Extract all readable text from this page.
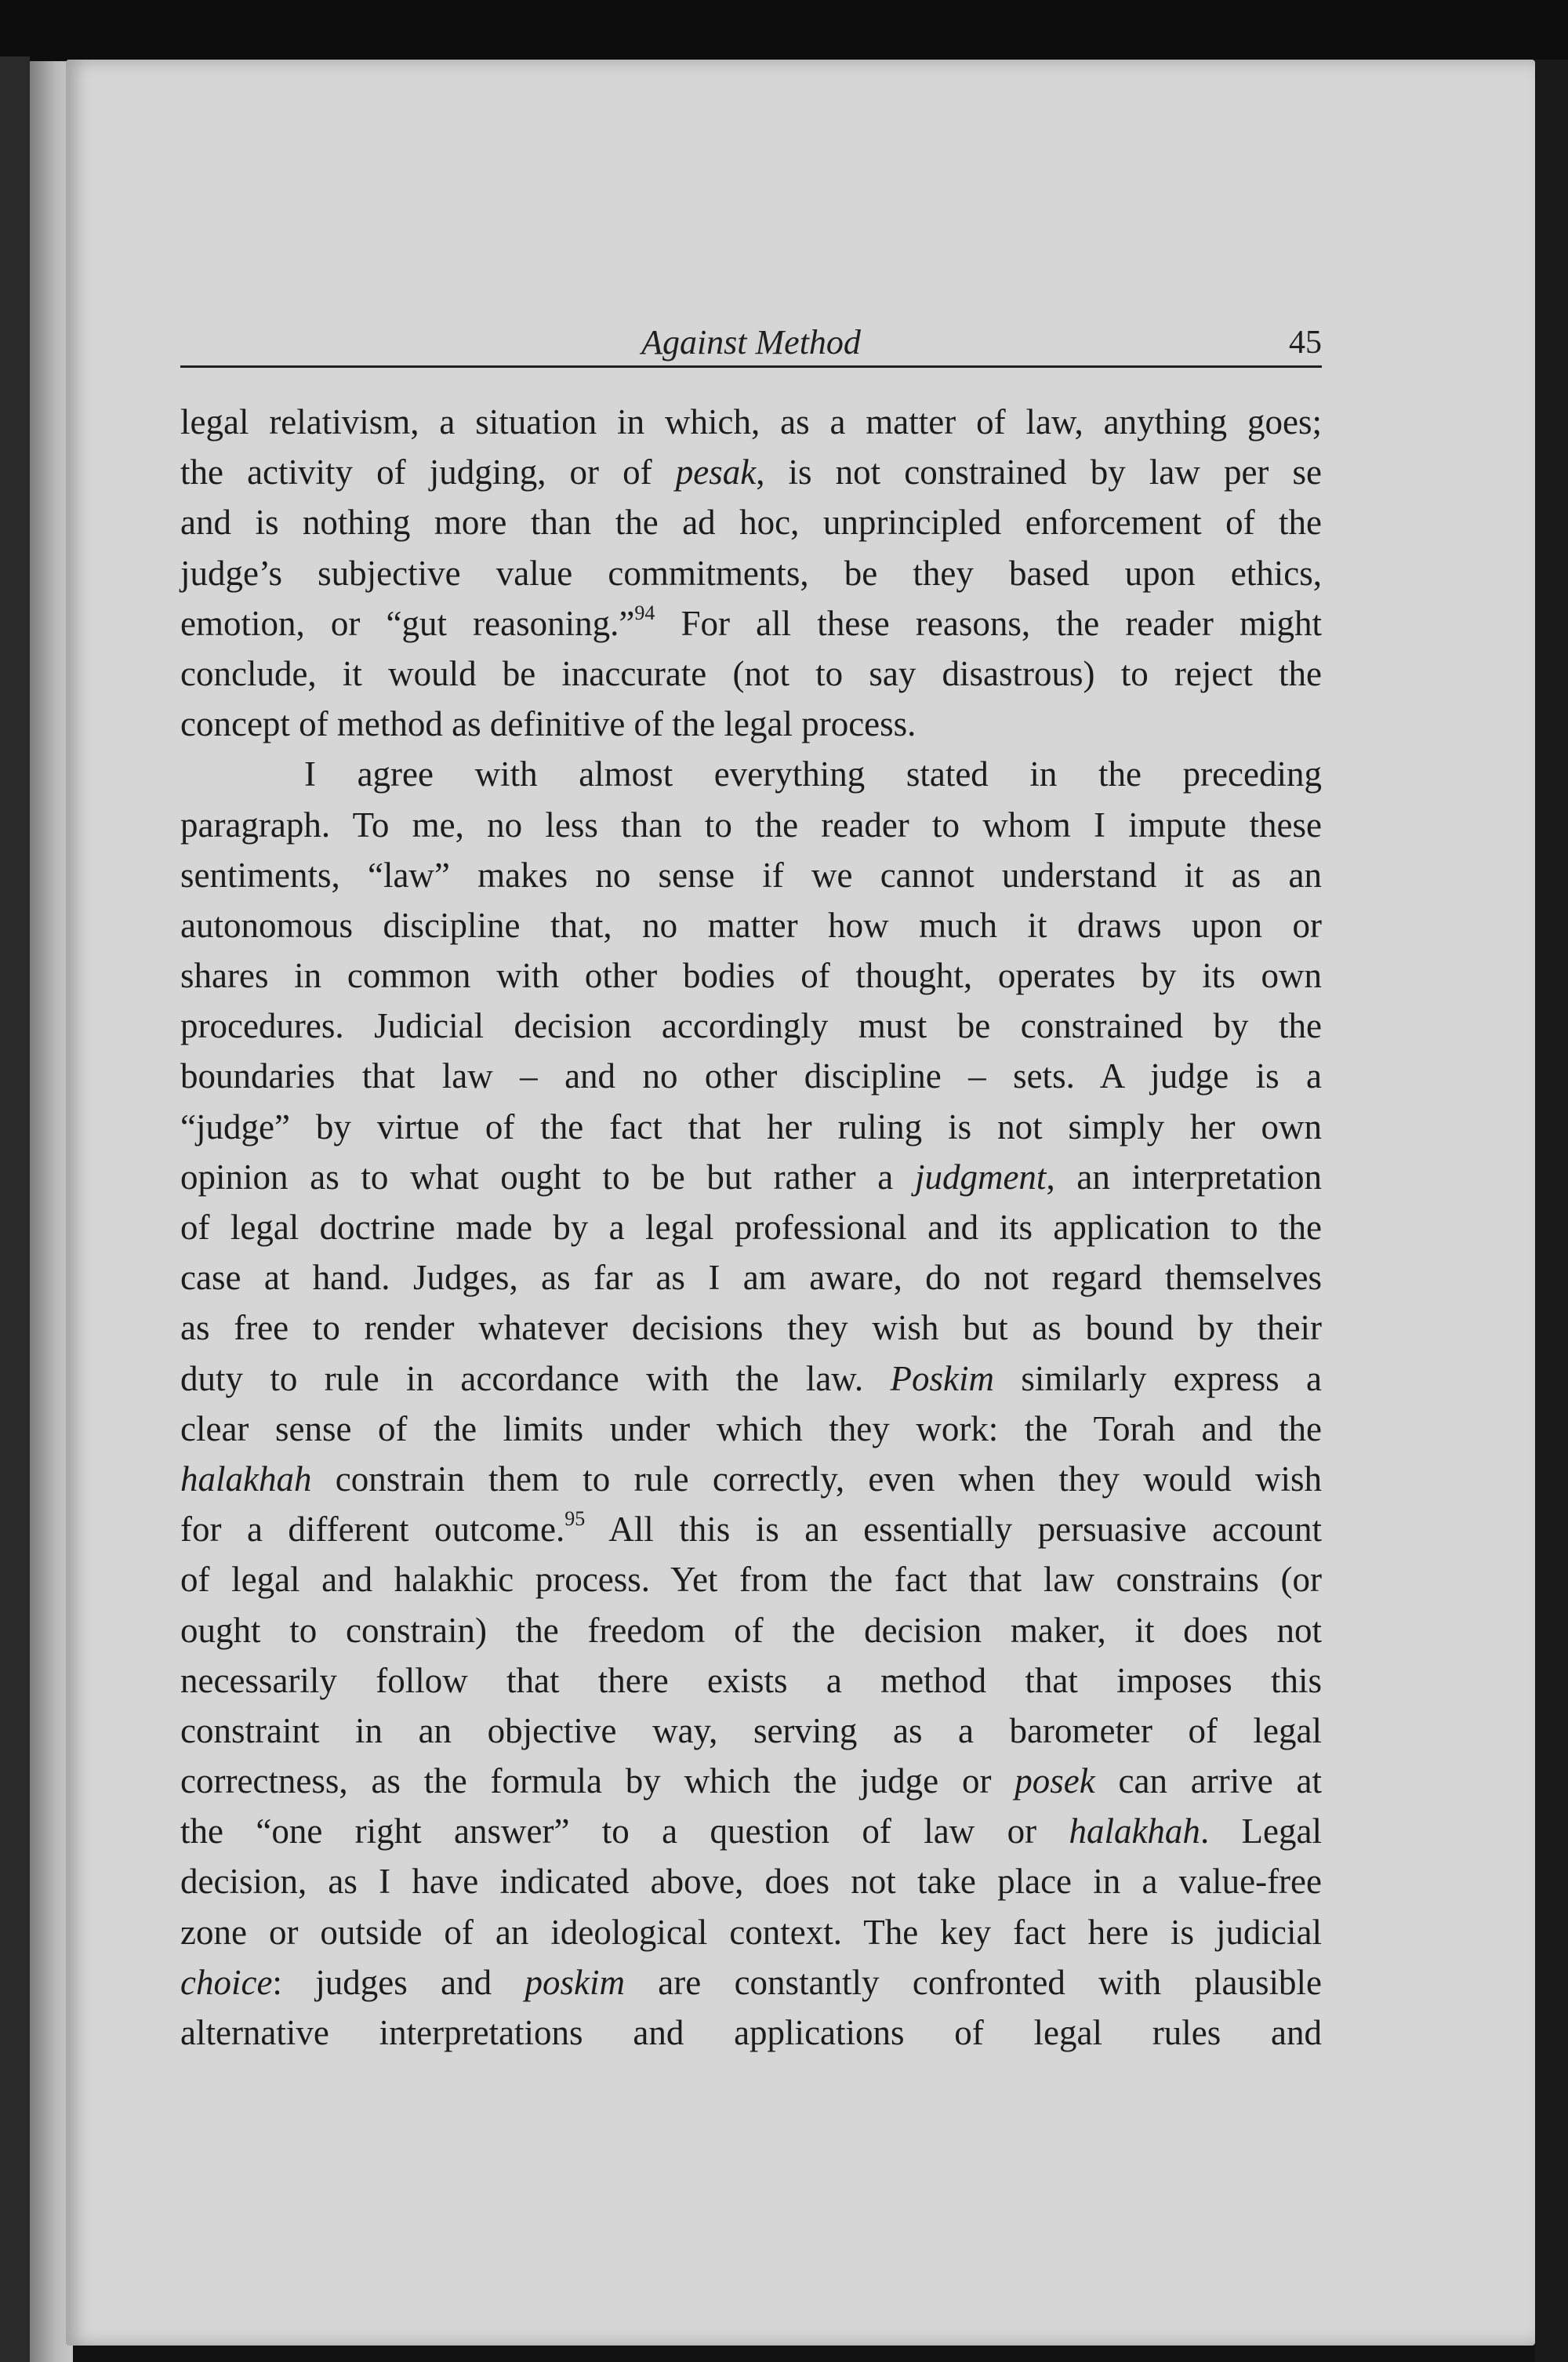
Against Method	45
legal relativism, a situation in which, as a matter of law, anything goes;
the activity of judging, or of pesak, is not constrained by law per se
and is nothing more than the ad hoc, unprincipled enforcement of the
judge’s subjective value commitments, be they based upon ethics,
emotion, or “gut reasoning.”$^{94}$ For all these reasons, the reader might
conclude, it would be inaccurate (not to say disastrous) to reject the
concept of method as definitive of the legal process.
I agree with almost everything stated in the preceding
paragraph. To me, no less than to the reader to whom I impute these
sentiments, “law” makes no sense if we cannot understand it as an
autonomous discipline that, no matter how much it draws upon or
shares in common with other bodies of thought, operates by its own
procedures. Judicial decision accordingly must be constrained by the
boundaries that law – and no other discipline – sets. A judge is a
“judge” by virtue of the fact that her ruling is not simply her own
opinion as to what ought to be but rather a judgment, an interpretation
of legal doctrine made by a legal professional and its application to the
case at hand. Judges, as far as I am aware, do not regard themselves
as free to render whatever decisions they wish but as bound by their
duty to rule in accordance with the law. Poskim similarly express a
clear sense of the limits under which they work: the Torah and the
halakhah constrain them to rule correctly, even when they would wish
for a different outcome.$^{95}$ All this is an essentially persuasive account
of legal and halakhic process. Yet from the fact that law constrains (or
ought to constrain) the freedom of the decision maker, it does not
necessarily follow that there exists a method that imposes this
constraint in an objective way, serving as a barometer of legal
correctness, as the formula by which the judge or posek can arrive at
the “one right answer” to a question of law or halakhah. Legal
decision, as I have indicated above, does not take place in a value-free
zone or outside of an ideological context. The key fact here is judicial
choice: judges and poskim are constantly confronted with plausible
alternative interpretations and applications of legal rules and
